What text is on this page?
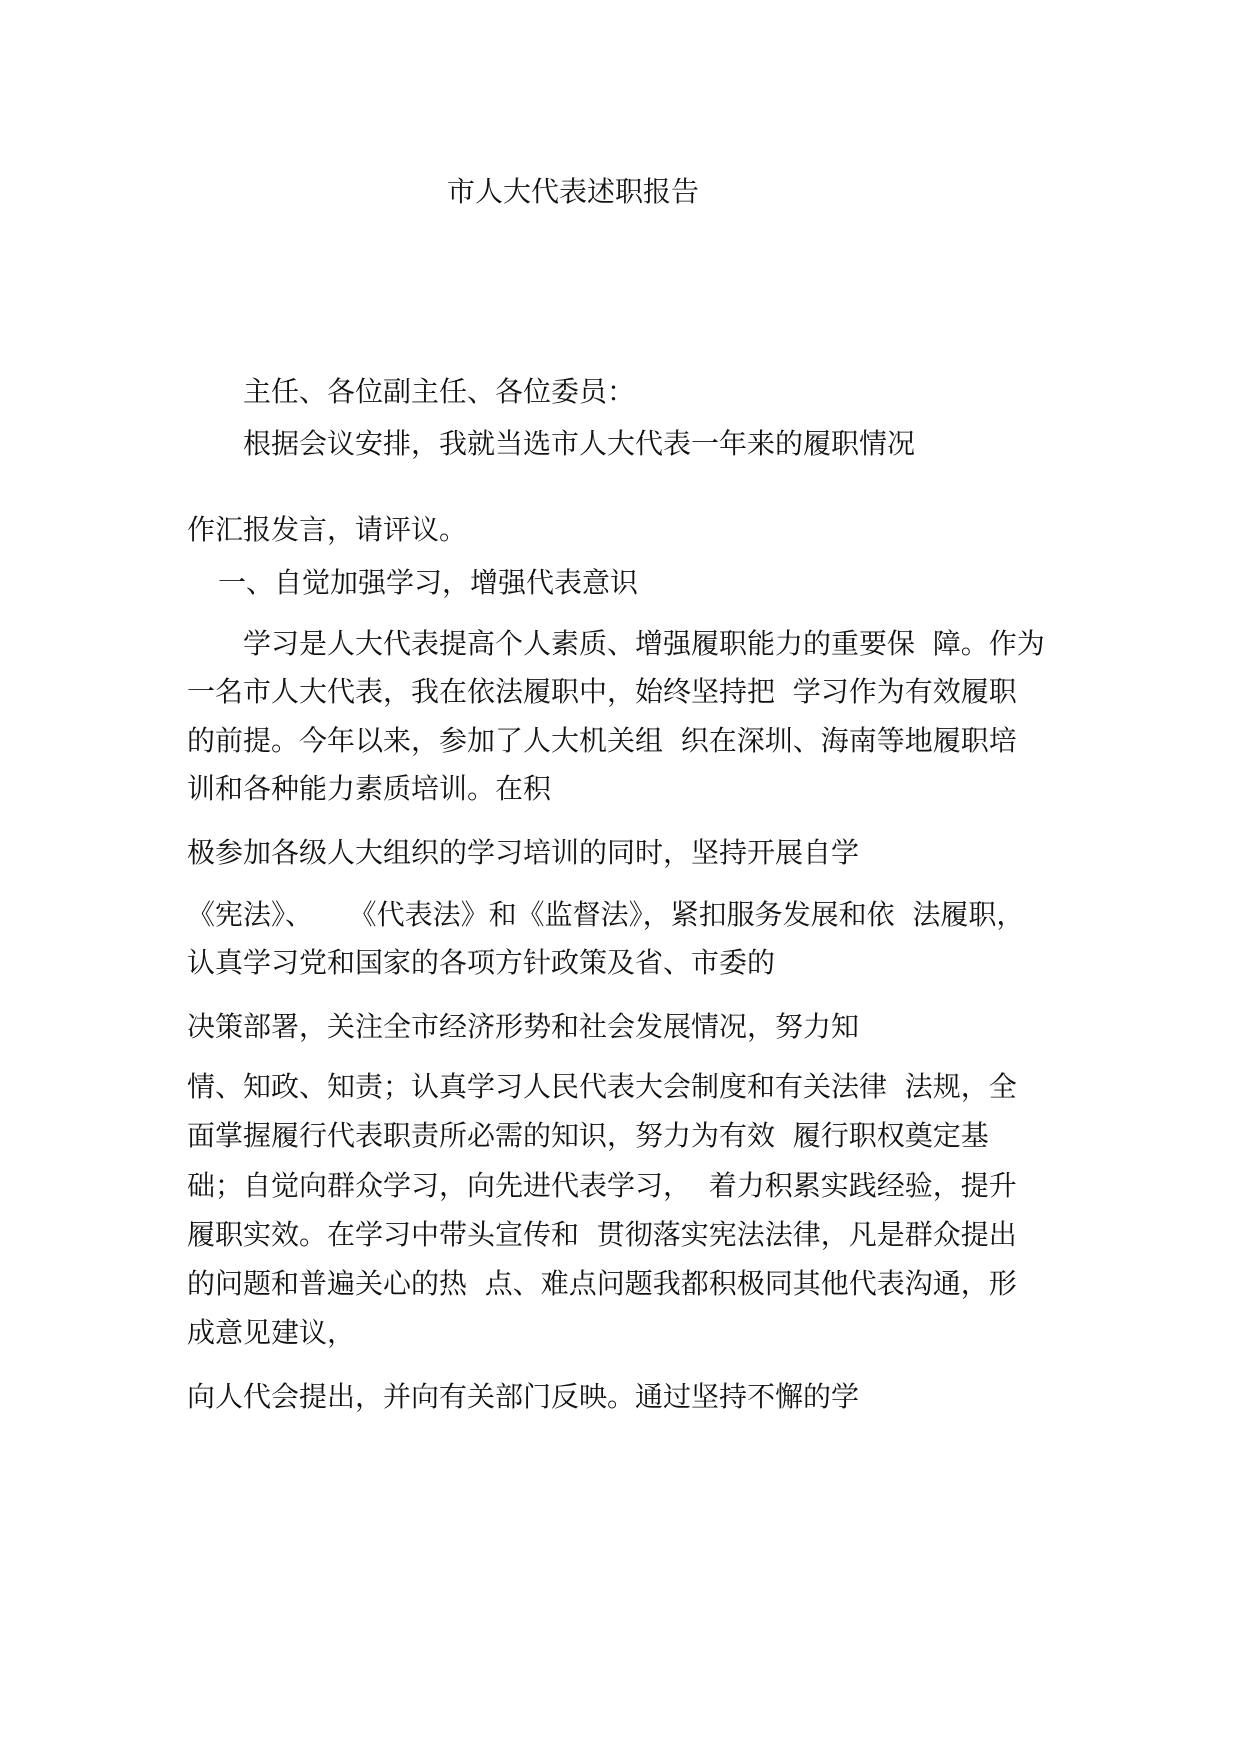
市人大代表述职报告
主任、各位副主任、各位委员：
根据会议安排，我就当选市人大代表一年来的履职情况
作汇报发言，请评议。
一、自觉加强学习，增强代表意识
学习是人大代表提高个人素质、增强履职能力的重要保  障。作为
一名市人大代表，我在依法履职中，始终坚持把  学习作为有效履职
的前提。今年以来，参加了人大机关组  织在深圳、海南等地履职培
训和各种能力素质培训。在积
极参加各级人大组织的学习培训的同时，坚持开展自学
《宪法》、    《代表法》和《监督法》，紧扣服务发展和依  法履职，
认真学习党和国家的各项方针政策及省、市委的
决策部署，关注全市经济形势和社会发展情况，努力知
情、知政、知责；认真学习人民代表大会制度和有关法律  法规，全
面掌握履行代表职责所必需的知识，努力为有效  履行职权奠定基
础；自觉向群众学习，向先进代表学习，  着力积累实践经验，提升
履职实效。在学习中带头宣传和  贯彻落实宪法法律，凡是群众提出
的问题和普遍关心的热  点、难点问题我都积极同其他代表沟通，形
成意见建议，
向人代会提出，并向有关部门反映。通过坚持不懈的学
